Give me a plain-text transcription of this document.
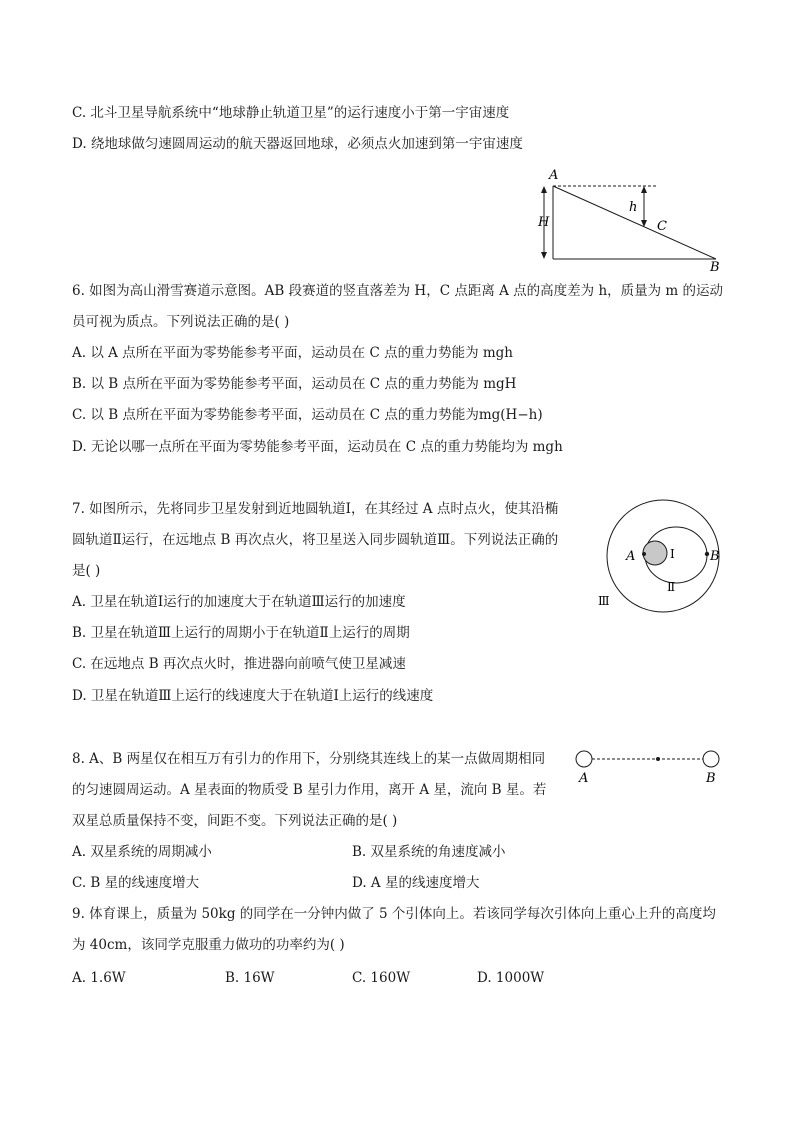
C. 北斗卫星导航系统中“地球静止轨道卫星”的运行速度小于第一宇宙速度
D. 绕地球做匀速圆周运动的航天器返回地球，必须点火加速到第一宇宙速度
A
H
h
C
B
6. 如图为高山滑雪赛道示意图。AB 段赛道的竖直落差为 H，C 点距离 A 点的高度差为 h，质量为 m 的运动
员可视为质点。下列说法正确的是( )
A. 以 A 点所在平面为零势能参考平面，运动员在 C 点的重力势能为 mgh
B. 以 B 点所在平面为零势能参考平面，运动员在 C 点的重力势能为 mgH
C. 以 B 点所在平面为零势能参考平面，运动员在 C 点的重力势能为mg(H−h)
D. 无论以哪一点所在平面为零势能参考平面，运动员在 C 点的重力势能均为 mgh
7. 如图所示，先将同步卫星发射到近地圆轨道Ⅰ，在其经过 A 点时点火，使其沿椭
圆轨道Ⅱ运行，在远地点 B 再次点火，将卫星送入同步圆轨道Ⅲ。下列说法正确的
是( )
A. 卫星在轨道Ⅰ运行的加速度大于在轨道Ⅲ运行的加速度
B. 卫星在轨道Ⅲ上运行的周期小于在轨道Ⅱ上运行的周期
C. 在远地点 B 再次点火时，推进器向前喷气使卫星减速
D. 卫星在轨道Ⅲ上运行的线速度大于在轨道Ⅰ上运行的线速度
A	B
Ⅰ
Ⅱ
Ⅲ
8. A、B 两星仅在相互万有引力的作用下，分别绕其连线上的某一点做周期相同
的匀速圆周运动。A 星表面的物质受 B 星引力作用，离开 A 星，流向 B 星。若
双星总质量保持不变，间距不变。下列说法正确的是( )
A. 双星系统的周期减小	B. 双星系统的角速度减小
C. B 星的线速度增大	D. A 星的线速度增大
A	B
9. 体育课上，质量为 50kg 的同学在一分钟内做了 5 个引体向上。若该同学每次引体向上重心上升的高度均
为 40cm，该同学克服重力做功的功率约为( )
A. 1.6W	B. 16W	C. 160W	D. 1000W
